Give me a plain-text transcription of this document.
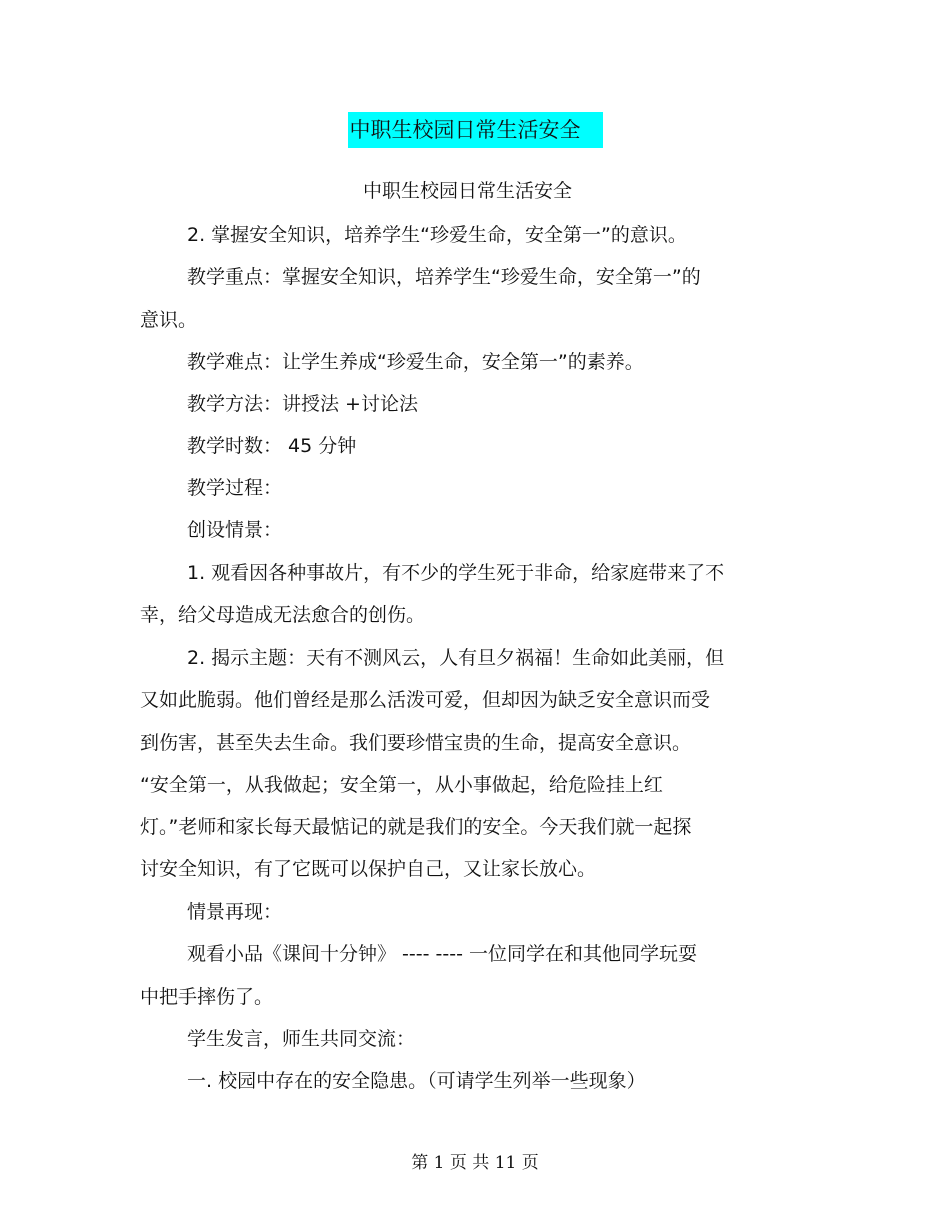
中职生校园日常生活安全
中职生校园日常生活安全
2. 掌握安全知识，培养学生“珍爱生命，安全第一”的意识。
教学重点：掌握安全知识，培养学生“珍爱生命，安全第一”的
意识。
教学难点：让学生养成“珍爱生命，安全第一”的素养。
教学方法：讲授法 +讨论法
教学时数： 45 分钟
教学过程：
创设情景：
1. 观看因各种事故片，有不少的学生死于非命，给家庭带来了不
幸，给父母造成无法愈合的创伤。
2. 揭示主题：天有不测风云，人有旦夕祸福！生命如此美丽，但
又如此脆弱。他们曾经是那么活泼可爱，但却因为缺乏安全意识而受
到伤害，甚至失去生命。我们要珍惜宝贵的生命，提高安全意识。
“安全第一，从我做起；安全第一，从小事做起，给危险挂上红
灯。”老师和家长每天最惦记的就是我们的安全。今天我们就一起探
讨安全知识，有了它既可以保护自己，又让家长放心。
情景再现：
观看小品《课间十分钟》 ---- ---- 一位同学在和其他同学玩耍
中把手摔伤了。
学生发言，师生共同交流：
一. 校园中存在的安全隐患。（可请学生列举一些现象）
第 1 页 共 11 页
